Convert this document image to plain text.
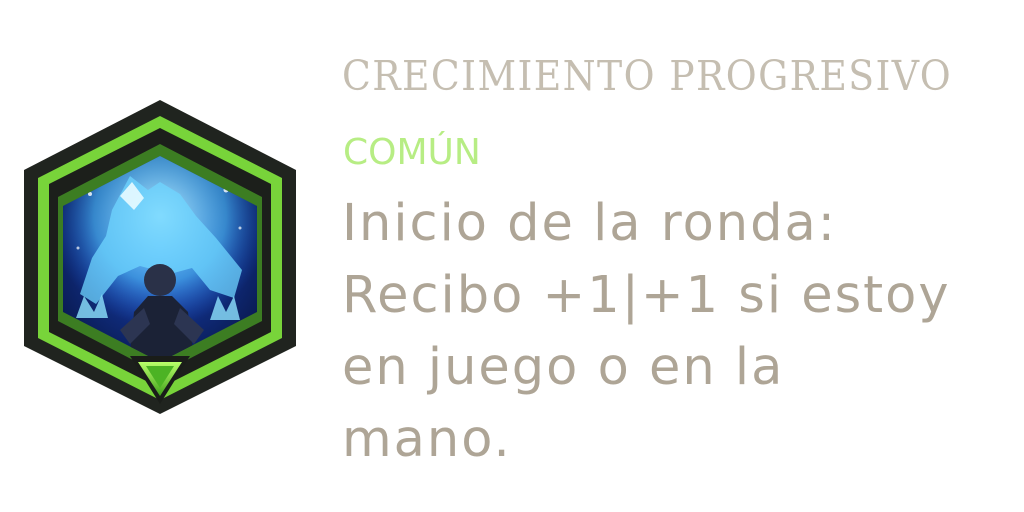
CRECIMIENTO PROGRESIVO
COMÚN
Inicio de la ronda:
Recibo +1|+1 si estoy
en juego o en la
mano.
